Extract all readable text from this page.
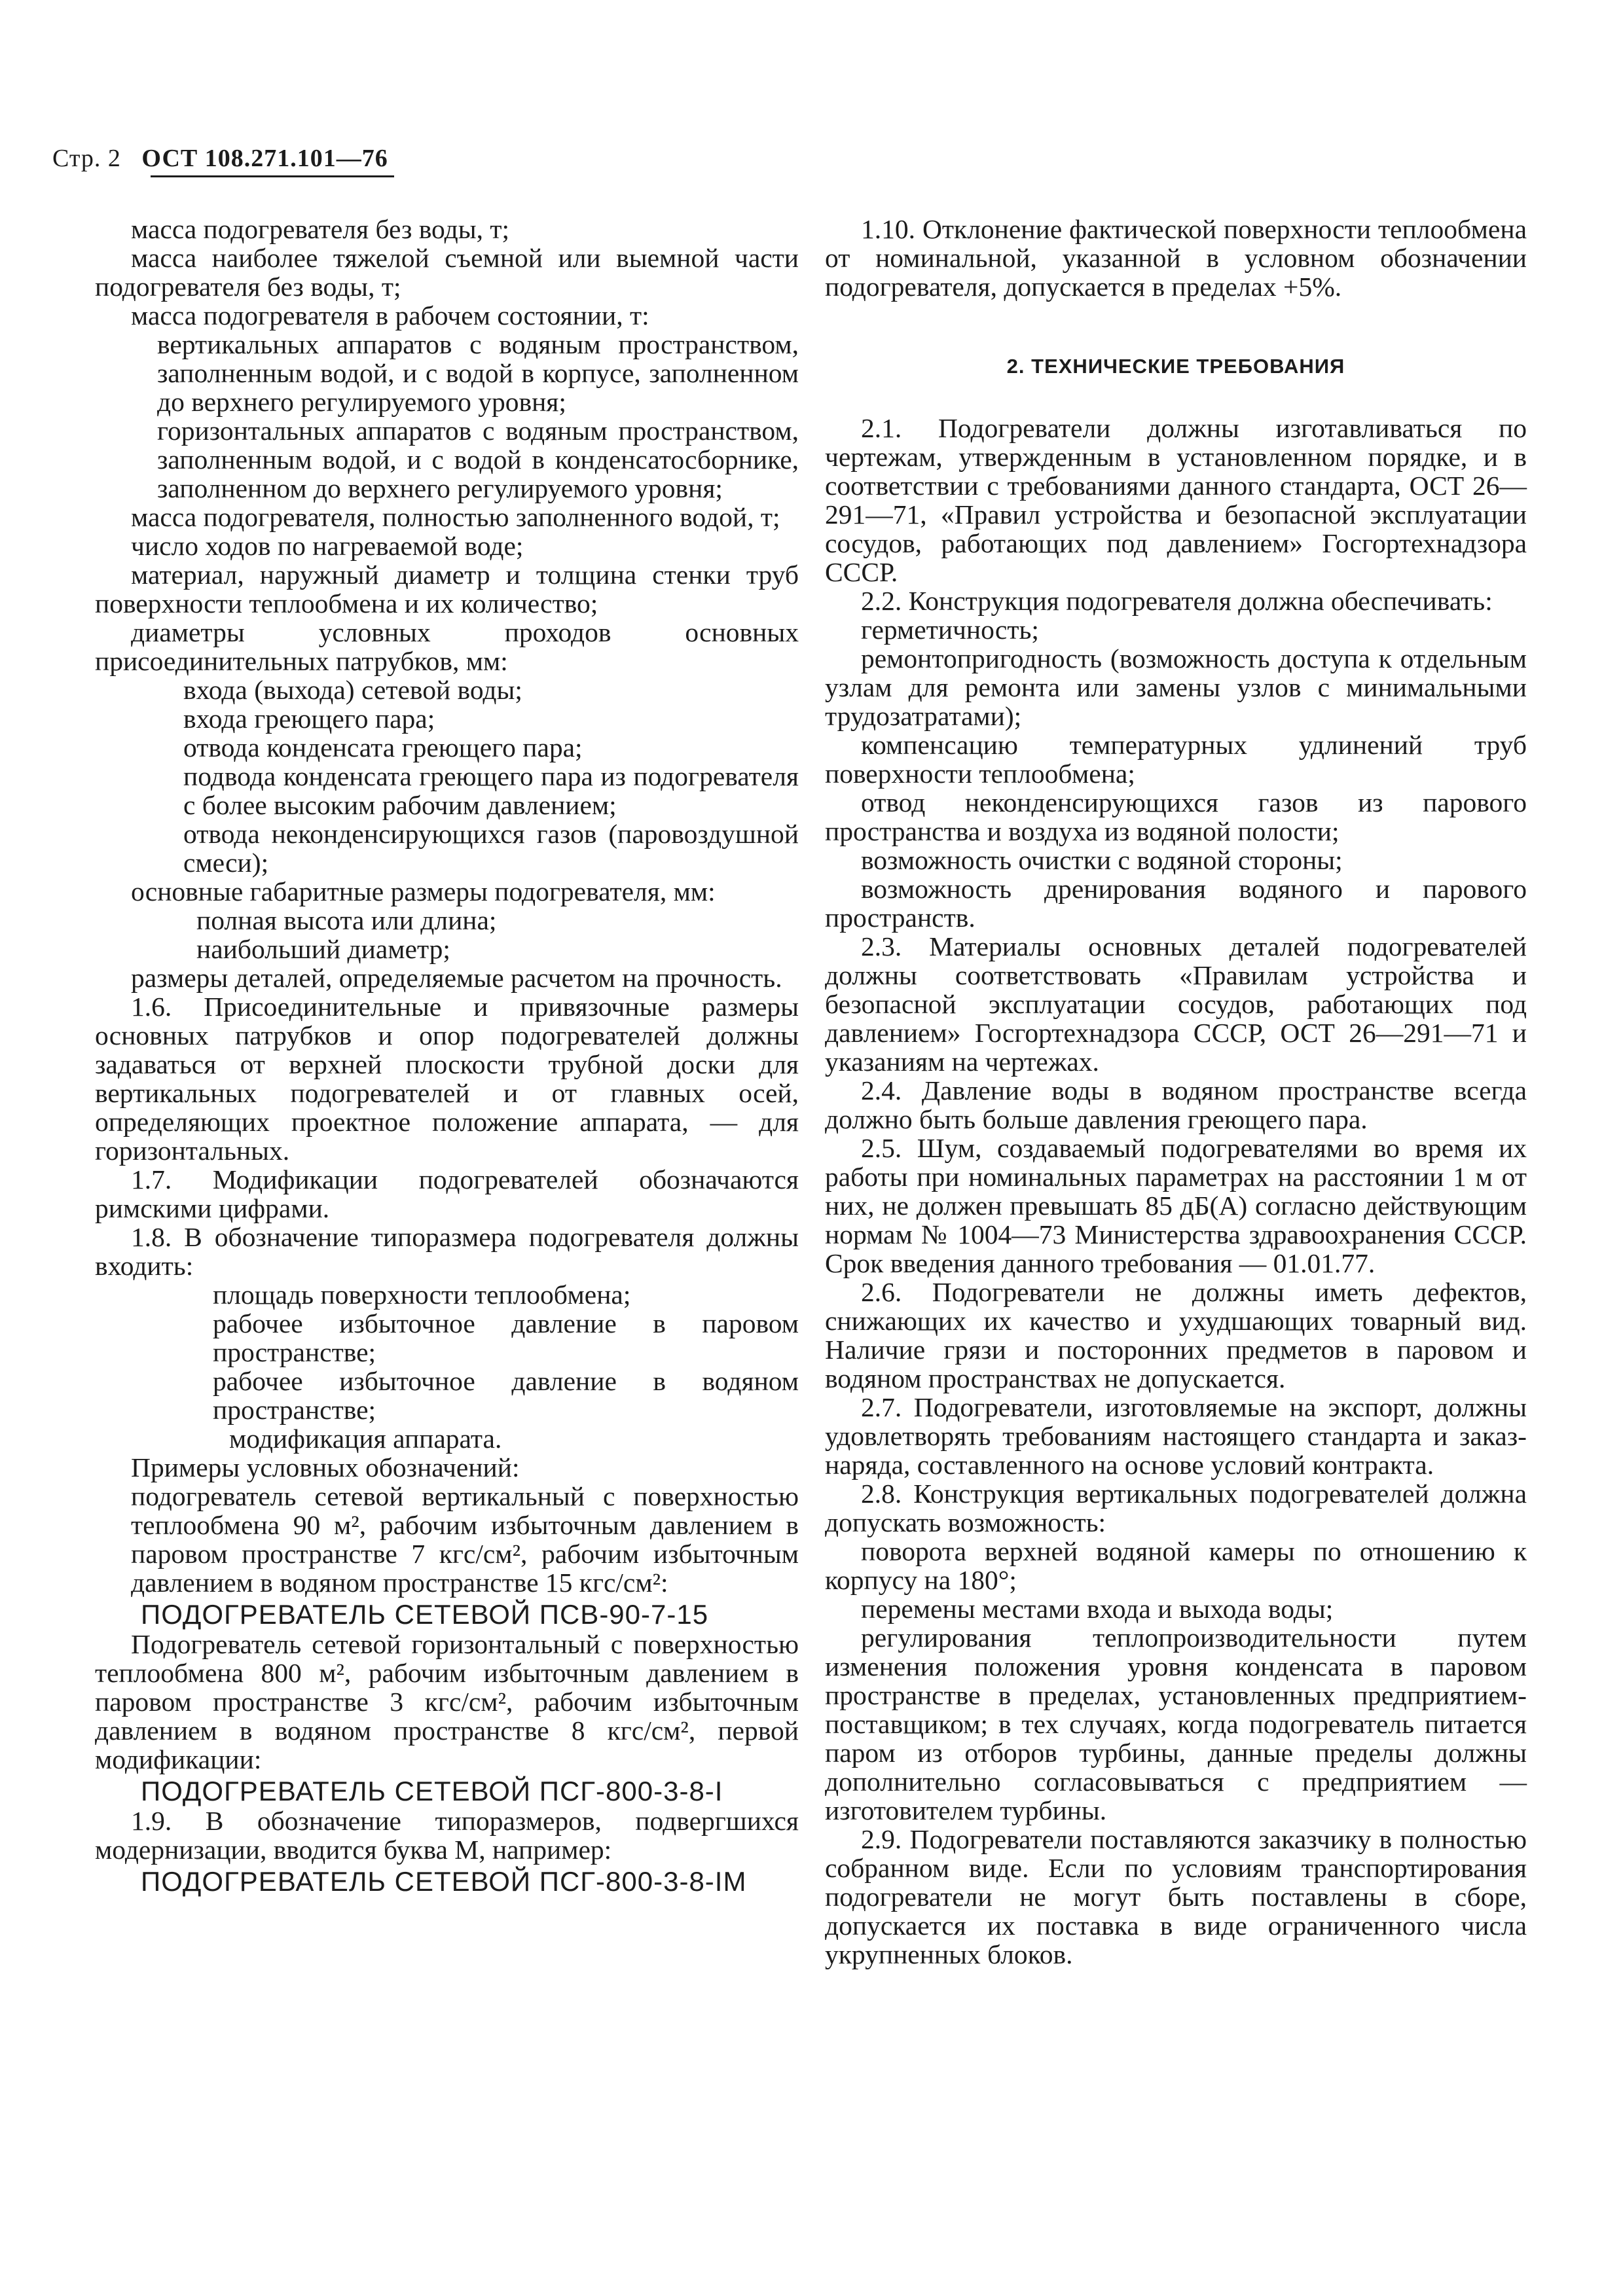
Стр. 2 ОСТ 108.271.101—76

масса подогревателя без воды, т;

масса наиболее тяжелой съемной или выемной части подогревателя без воды, т;

масса подогревателя в рабочем состоянии, т:

вертикальных аппаратов с водяным пространством, заполненным водой, и с водой в корпусе, заполненном до верхнего регулируемого уровня;

горизонтальных аппаратов с водяным пространством, заполненным водой, и с водой в конденсатосборнике, заполненном до верхнего регулируемого уровня;

масса подогревателя, полностью заполненного водой, т;

число ходов по нагреваемой воде;

материал, наружный диаметр и толщина стенки труб поверхности теплообмена и их количество;

диаметры условных проходов основных присоединительных патрубков, мм:

входа (выхода) сетевой воды;

входа греющего пара;

отвода конденсата греющего пара;

подвода конденсата греющего пара из подогревателя с более высоким рабочим давлением;

отвода неконденсирующихся газов (паровоздушной смеси);

основные габаритные размеры подогревателя, мм:

полная высота или длина;

наибольший диаметр;

размеры деталей, определяемые расчетом на прочность.

1.6. Присоединительные и привязочные размеры основных патрубков и опор подогревателей должны задаваться от верхней плоскости трубной доски для вертикальных подогревателей и от главных осей, определяющих проектное положение аппарата, — для горизонтальных.

1.7. Модификации подогревателей обозначаются римскими цифрами.

1.8. В обозначение типоразмера подогревателя должны входить:

площадь поверхности теплообмена;

рабочее избыточное давление в паровом пространстве;

рабочее избыточное давление в водяном пространстве;

модификация аппарата.

Примеры условных обозначений:

подогреватель сетевой вертикальный с поверхностью теплообмена 90 м², рабочим избыточным давлением в паровом пространстве 7 кгс/см², рабочим избыточным давлением в водяном пространстве 15 кгс/см²:

ПОДОГРЕВАТЕЛЬ СЕТЕВОЙ ПСВ-90-7-15

Подогреватель сетевой горизонтальный с поверхностью теплообмена 800 м², рабочим избыточным давлением в паровом пространстве 3 кгс/см², рабочим избыточным давлением в водяном пространстве 8 кгс/см², первой модификации:

ПОДОГРЕВАТЕЛЬ СЕТЕВОЙ ПСГ-800-3-8-I

1.9. В обозначение типоразмеров, подвергшихся модернизации, вводится буква М, например:

ПОДОГРЕВАТЕЛЬ СЕТЕВОЙ ПСГ-800-3-8-IМ

1.10. Отклонение фактической поверхности теплообмена от номинальной, указанной в условном обозначении подогревателя, допускается в пределах +5%.

2. ТЕХНИЧЕСКИЕ ТРЕБОВАНИЯ

2.1. Подогреватели должны изготавливаться по чертежам, утвержденным в установленном порядке, и в соответствии с требованиями данного стандарта, ОСТ 26—291—71, «Правил устройства и безопасной эксплуатации сосудов, работающих под давлением» Госгортехнадзора СССР.

2.2. Конструкция подогревателя должна обеспечивать:

герметичность;

ремонтопригодность (возможность доступа к отдельным узлам для ремонта или замены узлов с минимальными трудозатратами);

компенсацию температурных удлинений труб поверхности теплообмена;

отвод неконденсирующихся газов из парового пространства и воздуха из водяной полости;

возможность очистки с водяной стороны;

возможность дренирования водяного и парового пространств.

2.3. Материалы основных деталей подогревателей должны соответствовать «Правилам устройства и безопасной эксплуатации сосудов, работающих под давлением» Госгортехнадзора СССР, ОСТ 26—291—71 и указаниям на чертежах.

2.4. Давление воды в водяном пространстве всегда должно быть больше давления греющего пара.

2.5. Шум, создаваемый подогревателями во время их работы при номинальных параметрах на расстоянии 1 м от них, не должен превышать 85 дБ(А) согласно действующим нормам № 1004—73 Министерства здравоохранения СССР. Срок введения данного требования — 01.01.77.

2.6. Подогреватели не должны иметь дефектов, снижающих их качество и ухудшающих товарный вид. Наличие грязи и посторонних предметов в паровом и водяном пространствах не допускается.

2.7. Подогреватели, изготовляемые на экспорт, должны удовлетворять требованиям настоящего стандарта и заказ-наряда, составленного на основе условий контракта.

2.8. Конструкция вертикальных подогревателей должна допускать возможность:

поворота верхней водяной камеры по отношению к корпусу на 180°;

перемены местами входа и выхода воды;

регулирования теплопроизводительности путем изменения положения уровня конденсата в паровом пространстве в пределах, установленных предприятием-поставщиком; в тех случаях, когда подогреватель питается паром из отборов турбины, данные пределы должны дополнительно согласовываться с предприятием — изготовителем турбины.

2.9. Подогреватели поставляются заказчику в полностью собранном виде. Если по условиям транспортирования подогреватели не могут быть поставлены в сборе, допускается их поставка в виде ограниченного числа укрупненных блоков.
